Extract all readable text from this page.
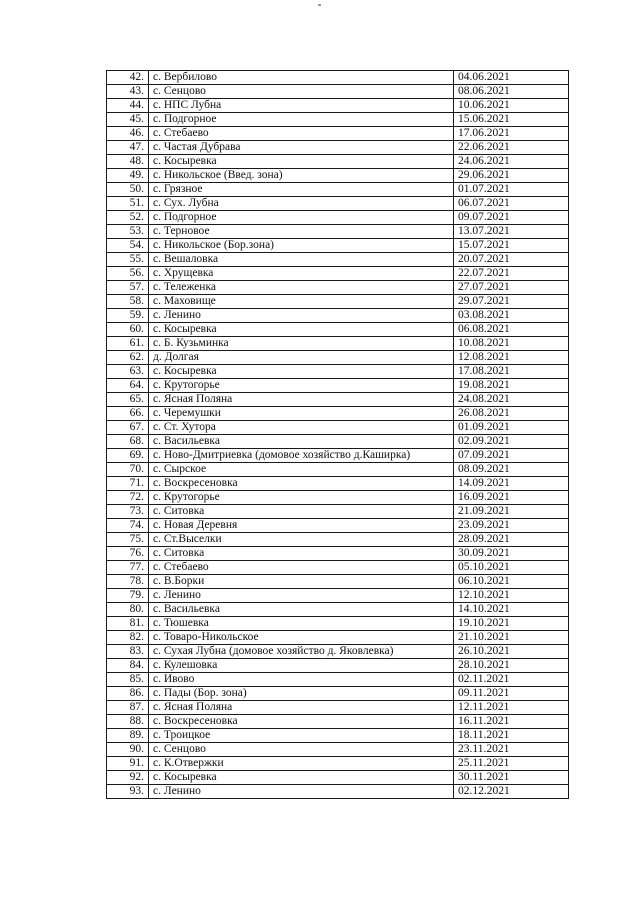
42.	с. Вербилово	04.06.2021
43.	с. Сенцово	08.06.2021
44.	с. НПС Лубна	10.06.2021
45.	с. Подгорное	15.06.2021
46.	с. Стебаево	17.06.2021
47.	с. Частая Дубрава	22.06.2021
48.	с. Косыревка	24.06.2021
49.	с. Никольское (Введ. зона)	29.06.2021
50.	с. Грязное	01.07.2021
51.	с. Сух. Лубна	06.07.2021
52.	с. Подгорное	09.07.2021
53.	с. Терновое	13.07.2021
54.	с. Никольское (Бор.зона)	15.07.2021
55.	с. Вешаловка	20.07.2021
56.	с. Хрущевка	22.07.2021
57.	с. Тележенка	27.07.2021
58.	с. Маховище	29.07.2021
59.	с. Ленино	03.08.2021
60.	с. Косыревка	06.08.2021
61.	с. Б. Кузьминка	10.08.2021
62.	д. Долгая	12.08.2021
63.	с. Косыревка	17.08.2021
64.	с. Крутогорье	19.08.2021
65.	с. Ясная Поляна	24.08.2021
66.	с. Черемушки	26.08.2021
67.	с. Ст. Хутора	01.09.2021
68.	с. Васильевка	02.09.2021
69.	с. Ново-Дмитриевка (домовое хозяйство д.Каширка)	07.09.2021
70.	с. Сырское	08.09.2021
71.	с. Воскресеновка	14.09.2021
72.	с. Крутогорье	16.09.2021
73.	с. Ситовка	21.09.2021
74.	с. Новая Деревня	23.09.2021
75.	с. Ст.Выселки	28.09.2021
76.	с. Ситовка	30.09.2021
77.	с. Стебаево	05.10.2021
78.	с. В.Борки	06.10.2021
79.	с. Ленино	12.10.2021
80.	с. Васильевка	14.10.2021
81.	с. Тюшевка	19.10.2021
82.	с. Товаро-Никольское	21.10.2021
83.	с. Сухая Лубна (домовое хозяйство д. Яковлевка)	26.10.2021
84.	с. Кулешовка	28.10.2021
85.	с. Ивово	02.11.2021
86.	с. Пады (Бор. зона)	09.11.2021
87.	с. Ясная Поляна	12.11.2021
88.	с. Воскресеновка	16.11.2021
89.	с. Троицкое	18.11.2021
90.	с. Сенцово	23.11.2021
91.	с. К.Отвержки	25.11.2021
92.	с. Косыревка	30.11.2021
93.	с. Ленино	02.12.2021
